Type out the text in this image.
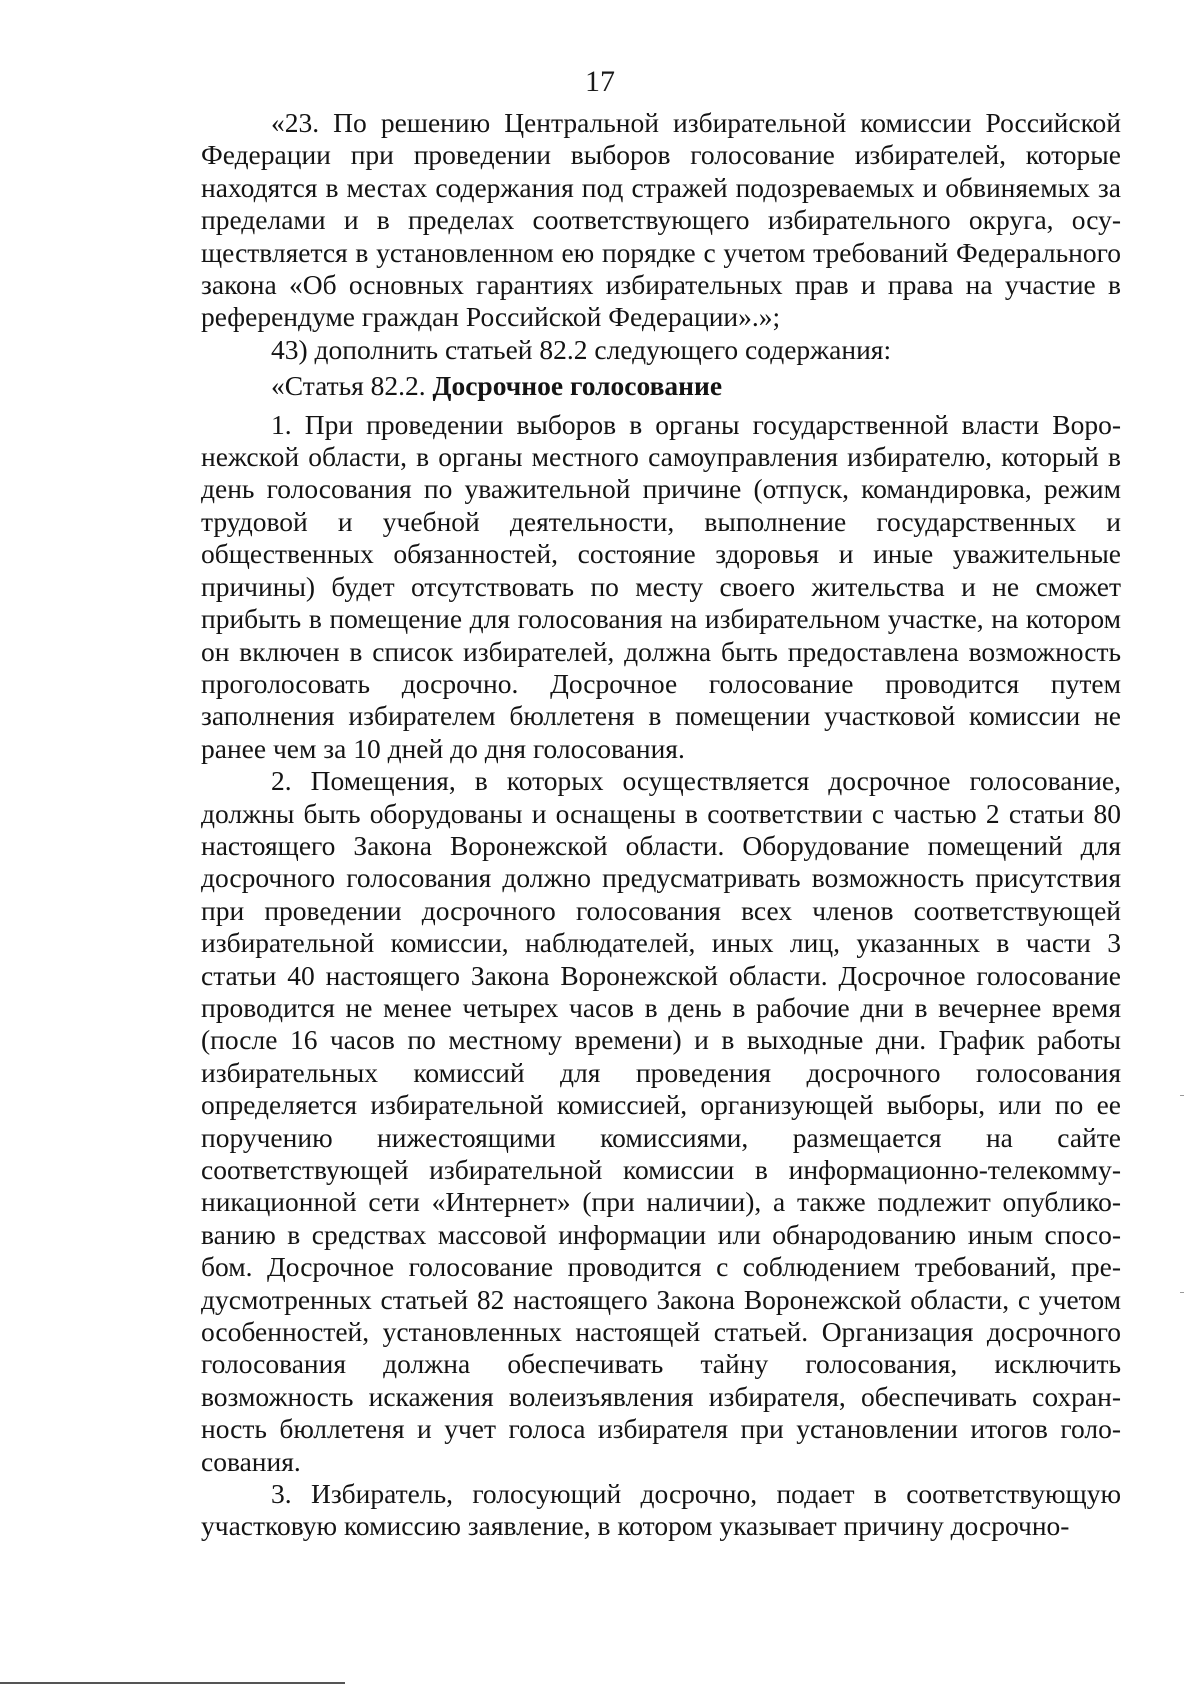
17

«23. По решению Центральной избирательной комиссии Российской Федерации при проведении выборов голосование избирателей, которые находятся в местах содержания под стражей подозреваемых и обвиняемых за пределами и в пределах соответствующего избирательного округа, осуществляется в установленном ею порядке с учетом требований Федерального закона «Об основных гарантиях избирательных прав и права на участие в референдуме граждан Российской Федерации».»;

43) дополнить статьей 82.2 следующего содержания:

«Статья 82.2. Досрочное голосование

1. При проведении выборов в органы государственной власти Воронежской области, в органы местного самоуправления избирателю, который в день голосования по уважительной причине (отпуск, командировка, режим трудовой и учебной деятельности, выполнение государственных и общественных обязанностей, состояние здоровья и иные уважительные причины) будет отсутствовать по месту своего жительства и не сможет прибыть в помещение для голосования на избирательном участке, на котором он включен в список избирателей, должна быть предоставлена возможность проголосовать досрочно. Досрочное голосование проводится путем заполнения избирателем бюллетеня в помещении участковой комиссии не ранее чем за 10 дней до дня голосования.

2. Помещения, в которых осуществляется досрочное голосование, должны быть оборудованы и оснащены в соответствии с частью 2 статьи 80 настоящего Закона Воронежской области. Оборудование помещений для досрочного голосования должно предусматривать возможность присутствия при проведении досрочного голосования всех членов соответствующей избирательной комиссии, наблюдателей, иных лиц, указанных в части 3 статьи 40 настоящего Закона Воронежской области. Досрочное голосование проводится не менее четырех часов в день в рабочие дни в вечернее время (после 16 часов по местному времени) и в выходные дни. График работы избирательных комиссий для проведения досрочного голосования определяется избирательной комиссией, организующей выборы, или по ее поручению нижестоящими комиссиями, размещается на сайте соответствующей избирательной комиссии в информационно-телекоммуникационной сети «Интернет» (при наличии), а также подлежит опубликованию в средствах массовой информации или обнародованию иным способом. Досрочное голосование проводится с соблюдением требований, предусмотренных статьей 82 настоящего Закона Воронежской области, с учетом особенностей, установленных настоящей статьей. Организация досрочного голосования должна обеспечивать тайну голосования, исключить возможность искажения волеизъявления избирателя, обеспечивать сохранность бюллетеня и учет голоса избирателя при установлении итогов голосования.

3. Избиратель, голосующий досрочно, подает в соответствующую участковую комиссию заявление, в котором указывает причину досрочно-
